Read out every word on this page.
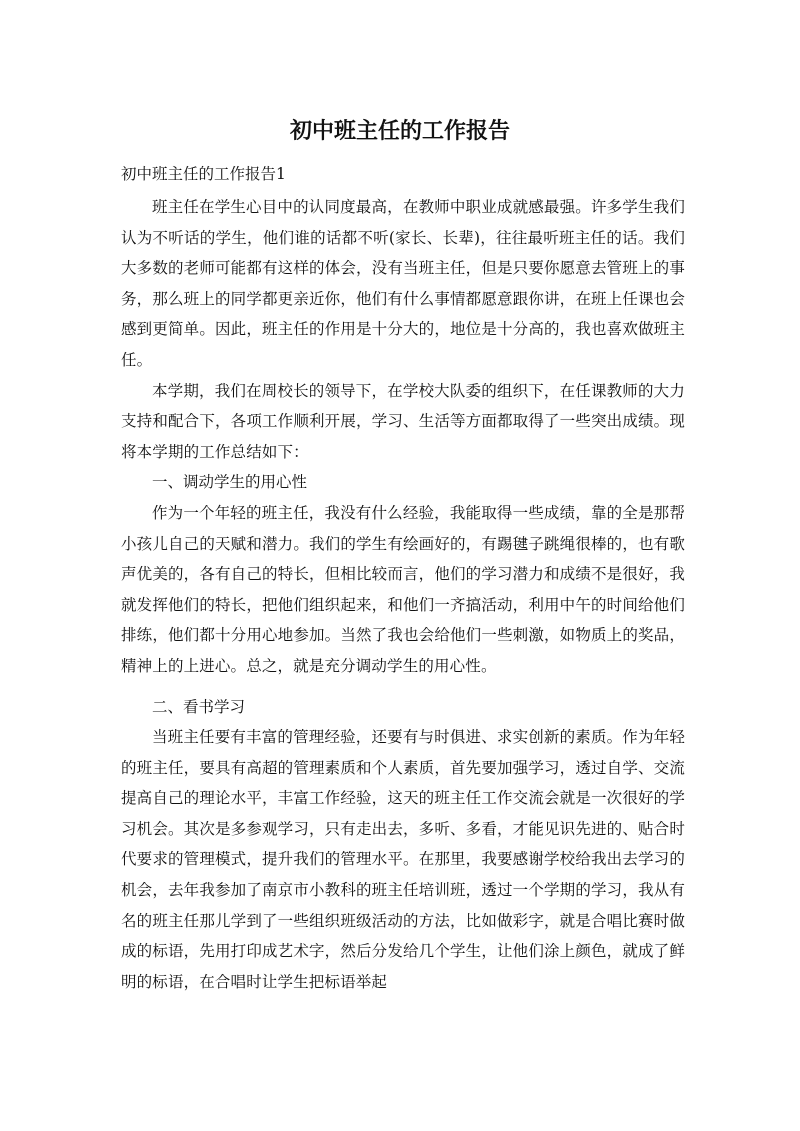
初中班主任的工作报告

初中班主任的工作报告1

班主任在学生心目中的认同度最高，在教师中职业成就感最强。许多学生我们认为不听话的学生，他们谁的话都不听(家长、长辈)，往往最听班主任的话。我们大多数的老师可能都有这样的体会，没有当班主任，但是只要你愿意去管班上的事务，那么班上的同学都更亲近你，他们有什么事情都愿意跟你讲，在班上任课也会感到更简单。因此，班主任的作用是十分大的，地位是十分高的，我也喜欢做班主任。

本学期，我们在周校长的领导下，在学校大队委的组织下，在任课教师的大力支持和配合下，各项工作顺利开展，学习、生活等方面都取得了一些突出成绩。现将本学期的工作总结如下：

一、调动学生的用心性

作为一个年轻的班主任，我没有什么经验，我能取得一些成绩，靠的全是那帮小孩儿自己的天赋和潜力。我们的学生有绘画好的，有踢毽子跳绳很棒的，也有歌声优美的，各有自己的特长，但相比较而言，他们的学习潜力和成绩不是很好，我就发挥他们的特长，把他们组织起来，和他们一齐搞活动，利用中午的时间给他们排练，他们都十分用心地参加。当然了我也会给他们一些刺激，如物质上的奖品，精神上的上进心。总之，就是充分调动学生的用心性。

二、看书学习

当班主任要有丰富的管理经验，还要有与时俱进、求实创新的素质。作为年轻的班主任，要具有高超的管理素质和个人素质，首先要加强学习，透过自学、交流提高自己的理论水平，丰富工作经验，这天的班主任工作交流会就是一次很好的学习机会。其次是多参观学习，只有走出去，多听、多看，才能见识先进的、贴合时代要求的管理模式，提升我们的管理水平。在那里，我要感谢学校给我出去学习的机会，去年我参加了南京市小教科的班主任培训班，透过一个学期的学习，我从有名的班主任那儿学到了一些组织班级活动的方法，比如做彩字，就是合唱比赛时做成的标语，先用打印成艺术字，然后分发给几个学生，让他们涂上颜色，就成了鲜明的标语，在合唱时让学生把标语举起
